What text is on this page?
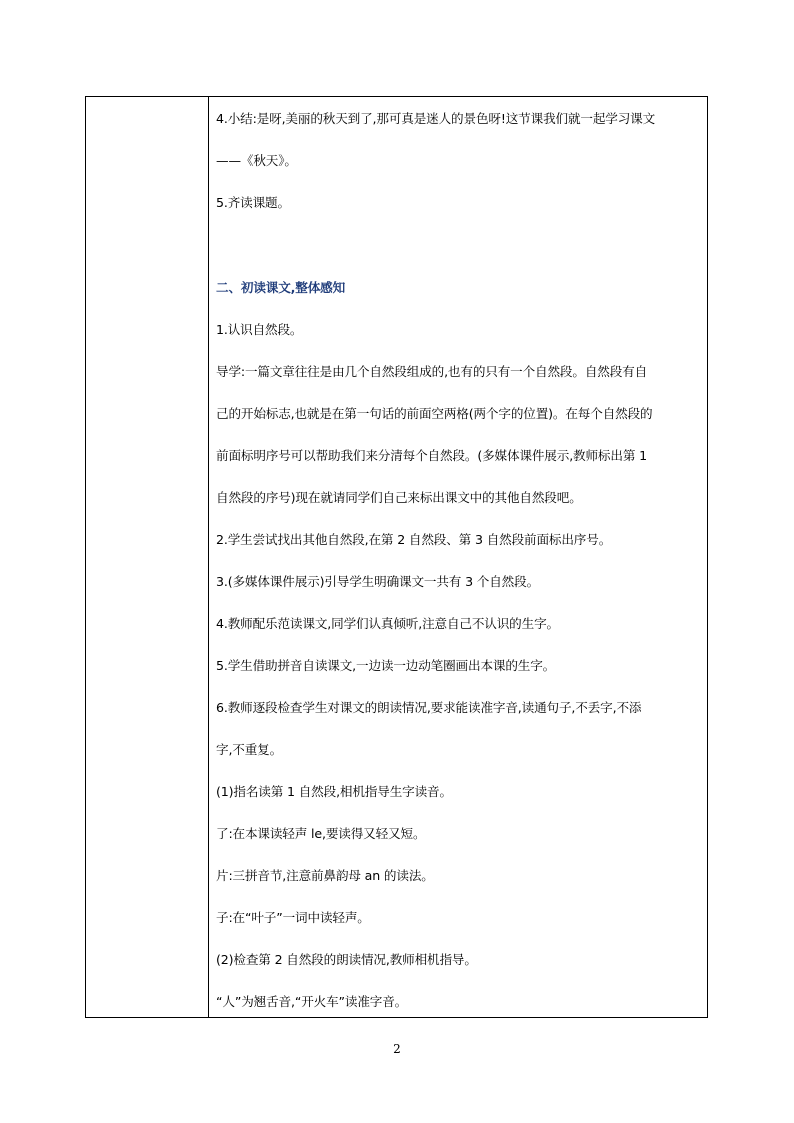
4.小结:是呀,美丽的秋天到了,那可真是迷人的景色呀!这节课我们就一起学习课文

——《秋天》。

5.齐读课题。

二、初读课文,整体感知

1.认识自然段。

导学:一篇文章往往是由几个自然段组成的,也有的只有一个自然段。自然段有自

己的开始标志,也就是在第一句话的前面空两格(两个字的位置)。在每个自然段的

前面标明序号可以帮助我们来分清每个自然段。(多媒体课件展示,教师标出第 1

自然段的序号)现在就请同学们自己来标出课文中的其他自然段吧。

2.学生尝试找出其他自然段,在第 2 自然段、第 3 自然段前面标出序号。

3.(多媒体课件展示)引导学生明确课文一共有 3 个自然段。

4.教师配乐范读课文,同学们认真倾听,注意自己不认识的生字。

5.学生借助拼音自读课文,一边读一边动笔圈画出本课的生字。

6.教师逐段检查学生对课文的朗读情况,要求能读准字音,读通句子,不丢字,不添

字,不重复。

(1)指名读第 1 自然段,相机指导生字读音。

了:在本课读轻声 le,要读得又轻又短。

片:三拼音节,注意前鼻韵母 an 的读法。

子:在“叶子”一词中读轻声。

(2)检查第 2 自然段的朗读情况,教师相机指导。

“人”为翘舌音,“开火车”读准字音。

2
